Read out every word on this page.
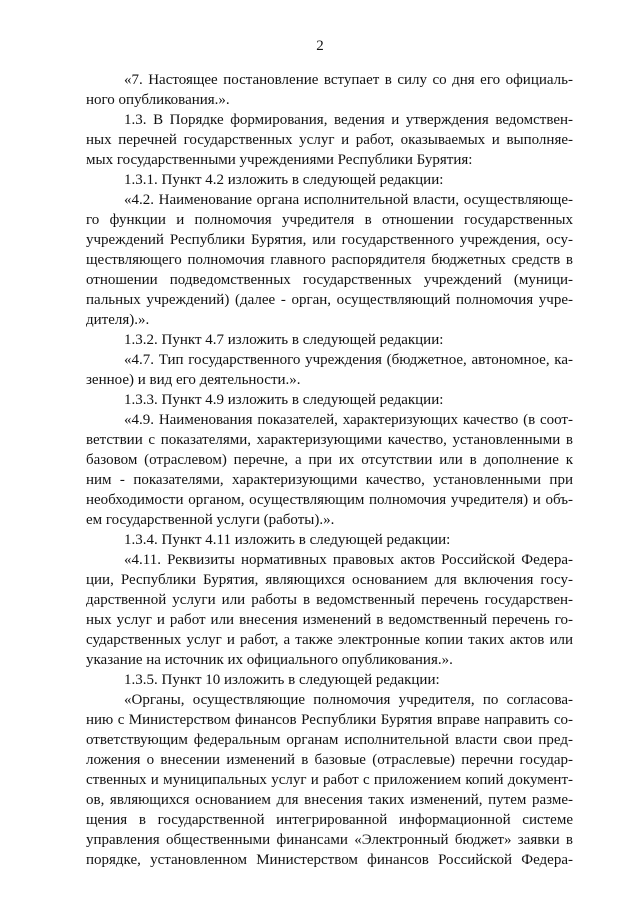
2

«7. Настоящее постановление вступает в силу со дня его официаль-
ного опубликования.».

1.3. В Порядке формирования, ведения и утверждения ведомствен-
ных перечней государственных услуг и работ, оказываемых и выполняе-
мых государственными учреждениями Республики Бурятия:

1.3.1. Пункт 4.2 изложить в следующей редакции:

«4.2. Наименование органа исполнительной власти, осуществляюще-
го функции и полномочия учредителя в отношении государственных
учреждений Республики Бурятия, или государственного учреждения, осу-
ществляющего полномочия главного распорядителя бюджетных средств в
отношении подведомственных государственных учреждений (муници-
пальных учреждений) (далее - орган, осуществляющий полномочия учре-
дителя).».

1.3.2. Пункт 4.7 изложить в следующей редакции:

«4.7. Тип государственного учреждения (бюджетное, автономное, ка-
зенное) и вид его деятельности.».

1.3.3. Пункт 4.9 изложить в следующей редакции:

«4.9. Наименования показателей, характеризующих качество (в соот-
ветствии с показателями, характеризующими качество, установленными в
базовом (отраслевом) перечне, а при их отсутствии или в дополнение к
ним - показателями, характеризующими качество, установленными при
необходимости органом, осуществляющим полномочия учредителя) и объ-
ем государственной услуги (работы).».

1.3.4. Пункт 4.11 изложить в следующей редакции:

«4.11. Реквизиты нормативных правовых актов Российской Федера-
ции, Республики Бурятия, являющихся основанием для включения госу-
дарственной услуги или работы в ведомственный перечень государствен-
ных услуг и работ или внесения изменений в ведомственный перечень го-
сударственных услуг и работ, а также электронные копии таких актов или
указание на источник их официального опубликования.».

1.3.5. Пункт 10 изложить в следующей редакции:

«Органы, осуществляющие полномочия учредителя, по согласова-
нию с Министерством финансов Республики Бурятия вправе направить со-
ответствующим федеральным органам исполнительной власти свои пред-
ложения о внесении изменений в базовые (отраслевые) перечни государ-
ственных и муниципальных услуг и работ с приложением копий документ-
ов, являющихся основанием для внесения таких изменений, путем разме-
щения в государственной интегрированной информационной системе
управления общественными финансами «Электронный бюджет» заявки в
порядке, установленном Министерством финансов Российской Федера-
